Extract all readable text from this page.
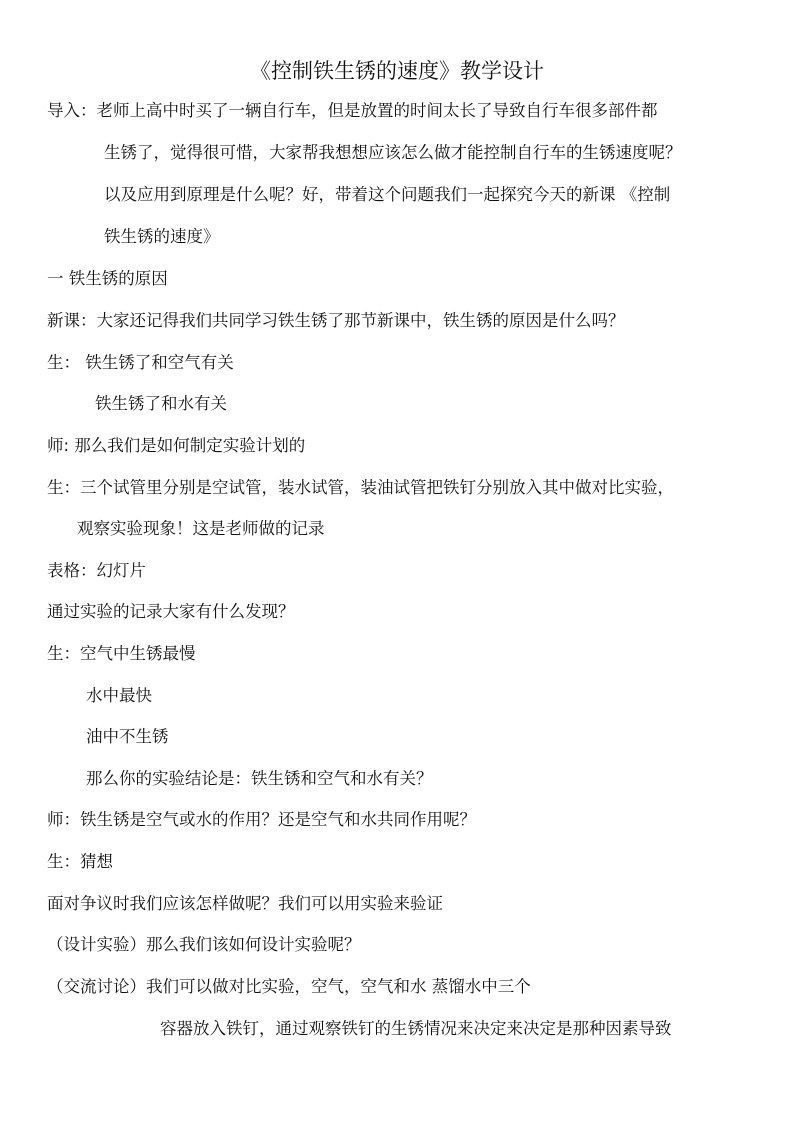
《控制铁生锈的速度》教学设计
导入：老师上高中时买了一辆自行车，但是放置的时间太长了导致自行车很多部件都
生锈了，觉得很可惜，大家帮我想想应该怎么做才能控制自行车的生锈速度呢？
以及应用到原理是什么呢？好，带着这个问题我们一起探究今天的新课 《控制
铁生锈的速度》
一 铁生锈的原因
新课：大家还记得我们共同学习铁生锈了那节新课中，铁生锈的原因是什么吗？
生： 铁生锈了和空气有关
铁生锈了和水有关
师: 那么我们是如何制定实验计划的
生：三个试管里分别是空试管，装水试管，装油试管把铁钉分别放入其中做对比实验，
观察实验现象！这是老师做的记录
表格：幻灯片
通过实验的记录大家有什么发现？
生：空气中生锈最慢
水中最快
油中不生锈
那么你的实验结论是：铁生锈和空气和水有关？
师：铁生锈是空气或水的作用？还是空气和水共同作用呢？
生：猜想
面对争议时我们应该怎样做呢？我们可以用实验来验证
（设计实验）那么我们该如何设计实验呢？
（交流讨论）我们可以做对比实验，空气，空气和水 蒸馏水中三个
容器放入铁钉，通过观察铁钉的生锈情况来决定来决定是那种因素导致
